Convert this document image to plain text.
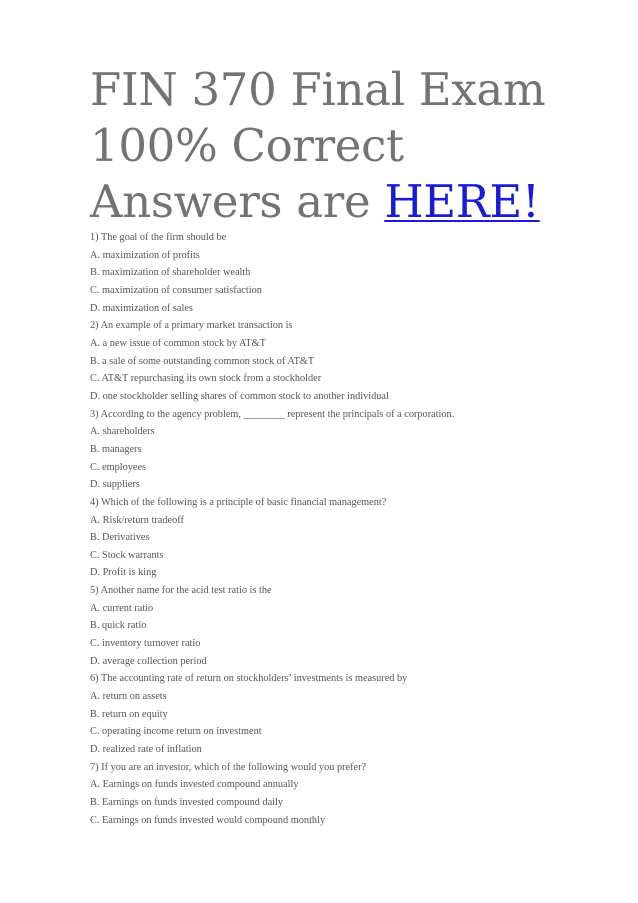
FIN 370 Final Exam
100% Correct
Answers are HERE!
1) The goal of the firm should be
A. maximization of profits
B. maximization of shareholder wealth
C. maximization of consumer satisfaction
D. maximization of sales
2) An example of a primary market transaction is
A. a new issue of common stock by AT&T
B. a sale of some outstanding common stock of AT&T
C. AT&T repurchasing its own stock from a stockholder
D. one stockholder selling shares of common stock to another individual
3) According to the agency problem, ________ represent the principals of a corporation.
A. shareholders
B. managers
C. employees
D. suppliers
4) Which of the following is a principle of basic financial management?
A. Risk/return tradeoff
B. Derivatives
C. Stock warrants
D. Profit is king
5) Another name for the acid test ratio is the
A. current ratio
B. quick ratio
C. inventory turnover ratio
D. average collection period
6) The accounting rate of return on stockholders’ investments is measured by
A. return on assets
B. return on equity
C. operating income return on investment
D. realized rate of inflation
7) If you are an investor, which of the following would you prefer?
A. Earnings on funds invested compound annually
B. Earnings on funds invested compound daily
C. Earnings on funds invested would compound monthly
